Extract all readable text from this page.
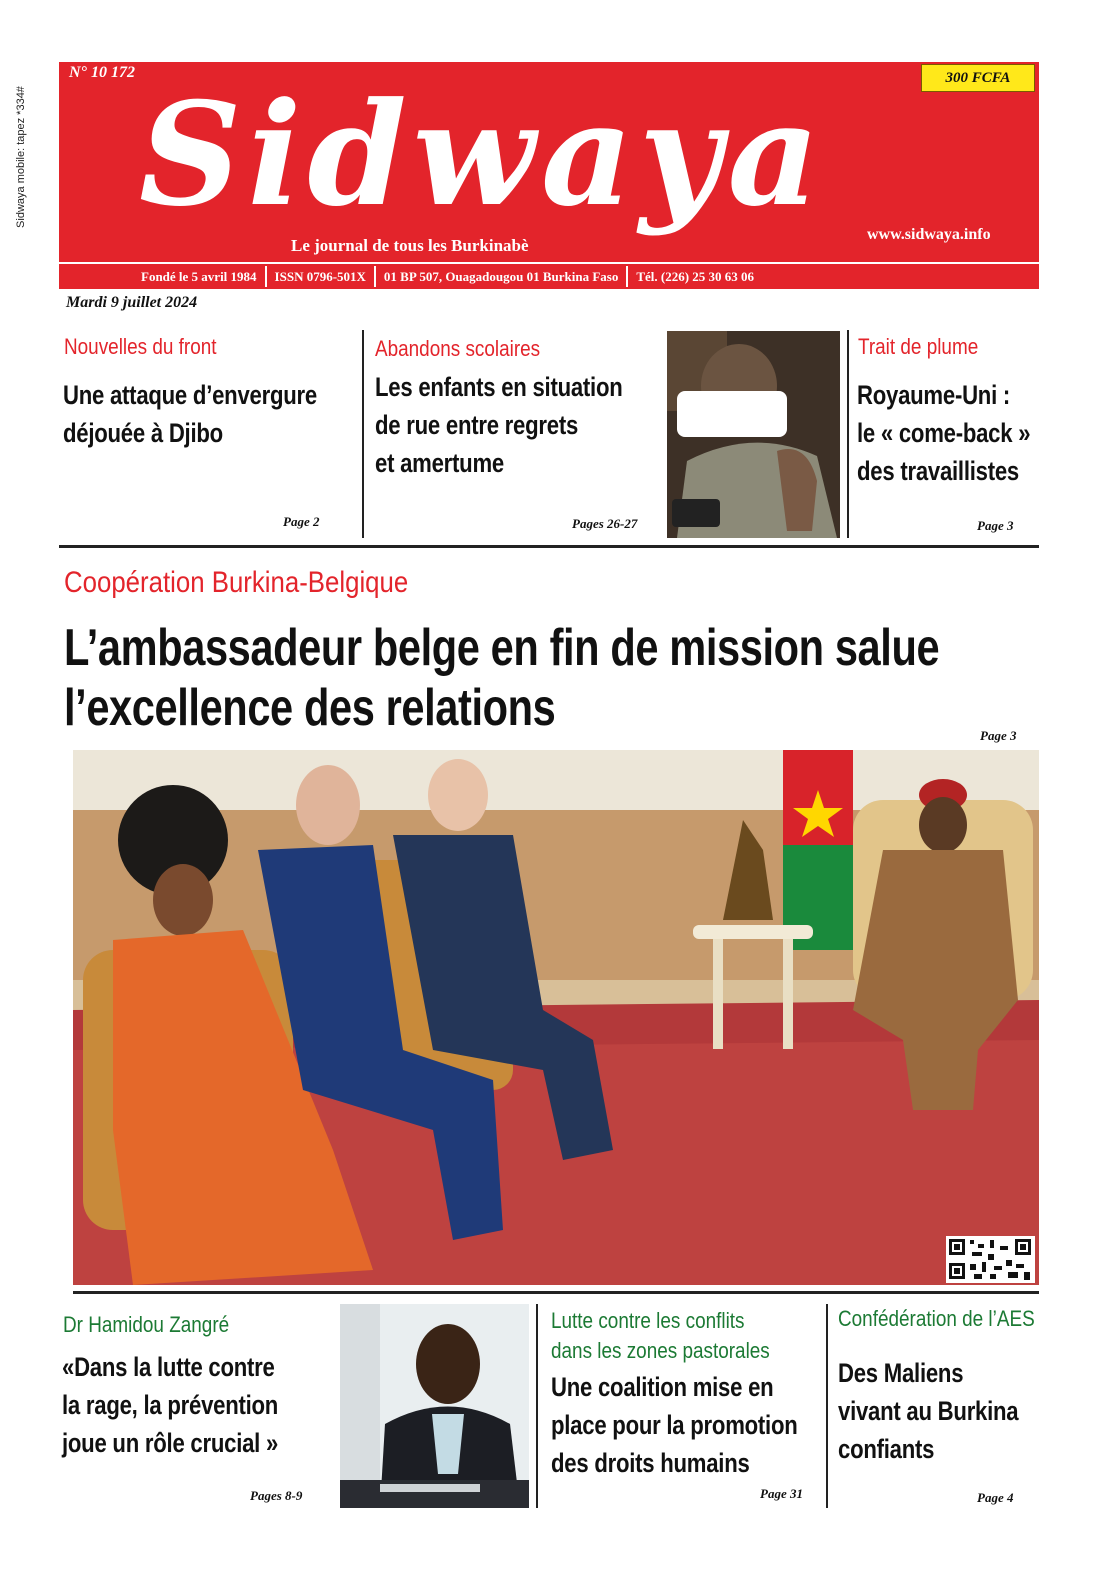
Sidwaya mobile: tapez *334#
N° 10 172	300 FCFA
Sidwaya
Le journal de tous les Burkinabè
www.sidwaya.info
Fondé le 5 avril 1984	ISSN 0796-501X	01 BP 507, Ouagadougou 01 Burkina Faso	Tél. (226) 25 30 63 06
Mardi 9 juillet 2024
Nouvelles du front
Une attaque d’envergure
déjouée à Djibo
Page 2
Abandons scolaires
Les enfants en situation
de rue entre regrets
et amertume
Pages 26-27
Trait de plume
Royaume-Uni :
le « come-back »
des travaillistes
Page 3
Coopération Burkina-Belgique
L’ambassadeur belge en fin de mission salue
l’excellence des relations	Page 3
Dr Hamidou Zangré
«Dans la lutte contre
la rage, la prévention
joue un rôle crucial »
Pages 8-9
Lutte contre les conflits
dans les zones pastorales
Une coalition mise en
place pour la promotion
des droits humains
Page 31
Confédération de l’AES
Des Maliens
vivant au Burkina
confiants
Page 4
